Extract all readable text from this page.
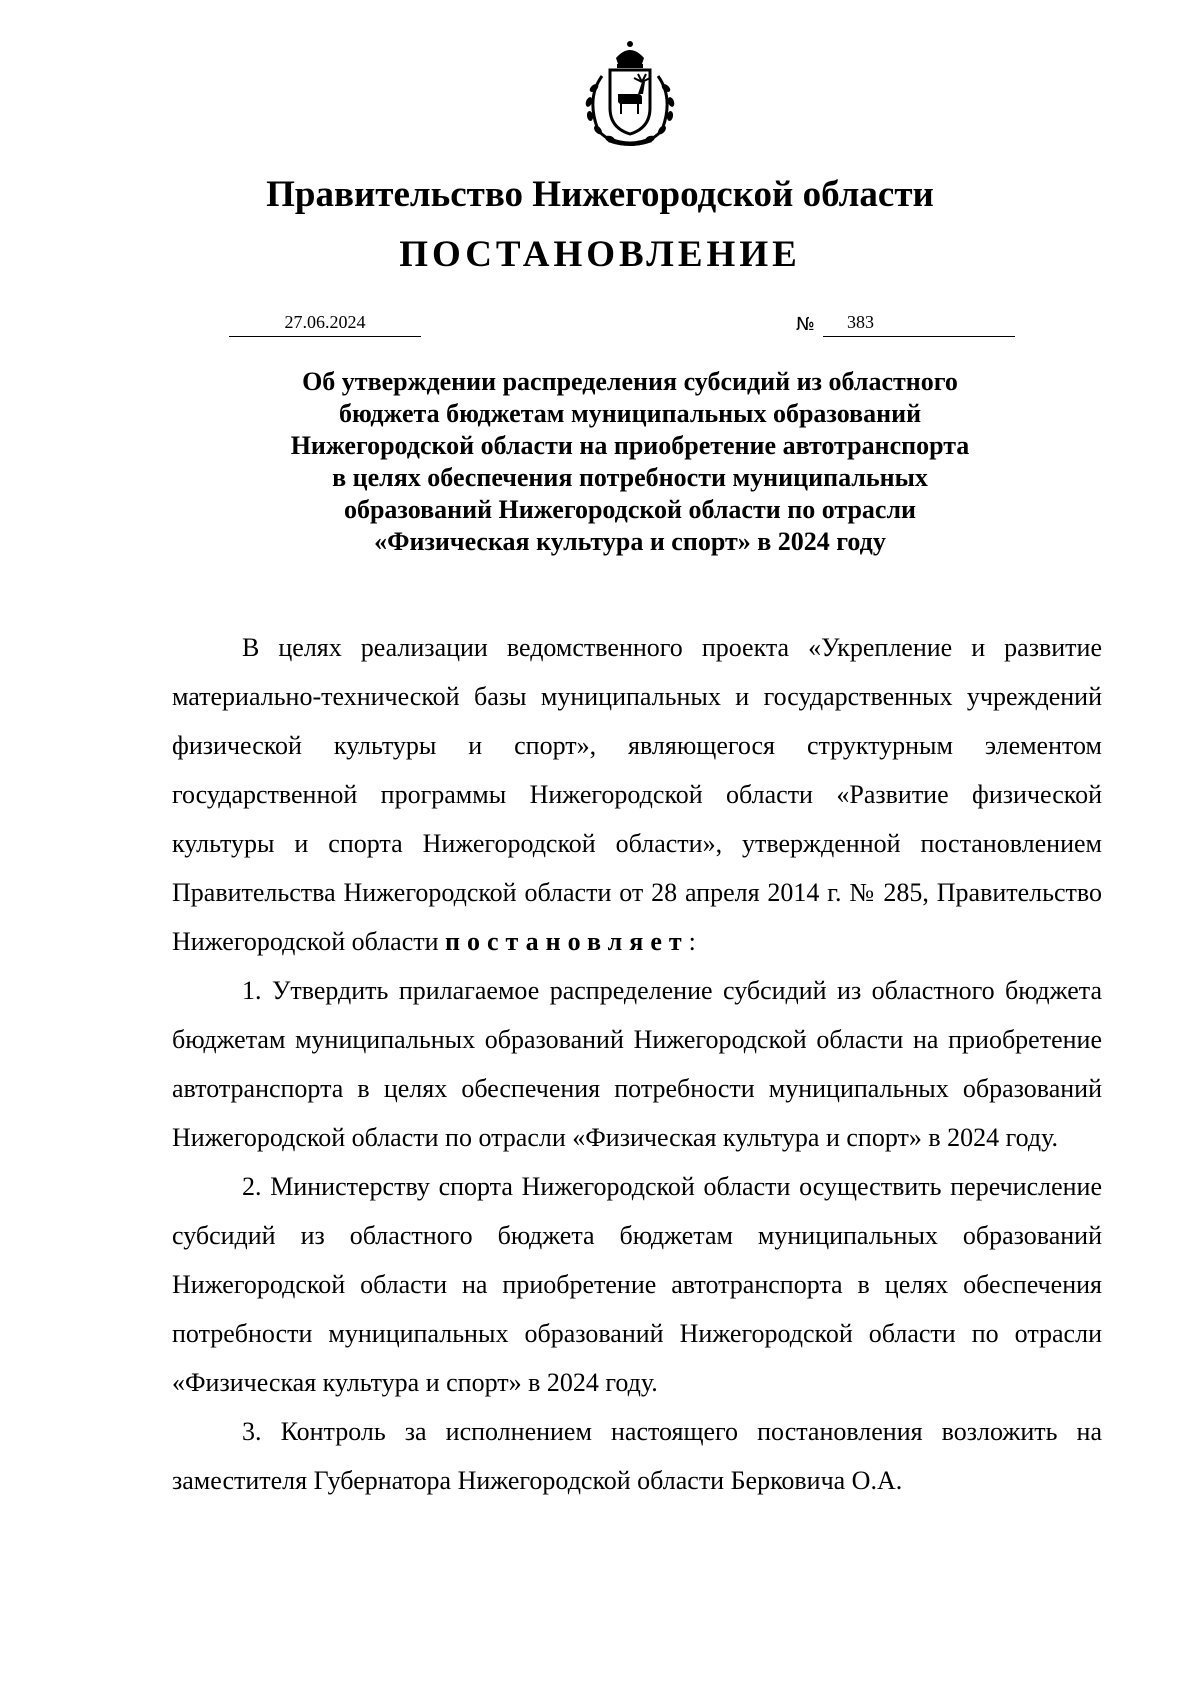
Правительство Нижегородской области
ПОСТАНОВЛЕНИЕ
27.06.2024	№	383

Об утверждении распределения субсидий из областного
бюджета бюджетам муниципальных образований
Нижегородской области на приобретение автотранспорта
в целях обеспечения потребности муниципальных
образований Нижегородской области по отрасли
«Физическая культура и спорт» в 2024 году

В целях реализации ведомственного проекта «Укрепление и развитие материально-технической базы муниципальных и государственных учреждений физической культуры и спорт», являющегося структурным элементом государственной программы Нижегородской области «Развитие физической культуры и спорта Нижегородской области», утвержденной постановлением Правительства Нижегородской области от 28 апреля 2014 г. № 285, Правительство Нижегородской области постановляет:

1. Утвердить прилагаемое распределение субсидий из областного бюджета бюджетам муниципальных образований Нижегородской области на приобретение автотранспорта в целях обеспечения потребности муниципальных образований Нижегородской области по отрасли «Физическая культура и спорт» в 2024 году.

2. Министерству спорта Нижегородской области осуществить перечисление субсидий из областного бюджета бюджетам муниципальных образований Нижегородской области на приобретение автотранспорта в целях обеспечения потребности муниципальных образований Нижегородской области по отрасли «Физическая культура и спорт» в 2024 году.

3. Контроль за исполнением настоящего постановления возложить на заместителя Губернатора Нижегородской области Берковича О.А.
